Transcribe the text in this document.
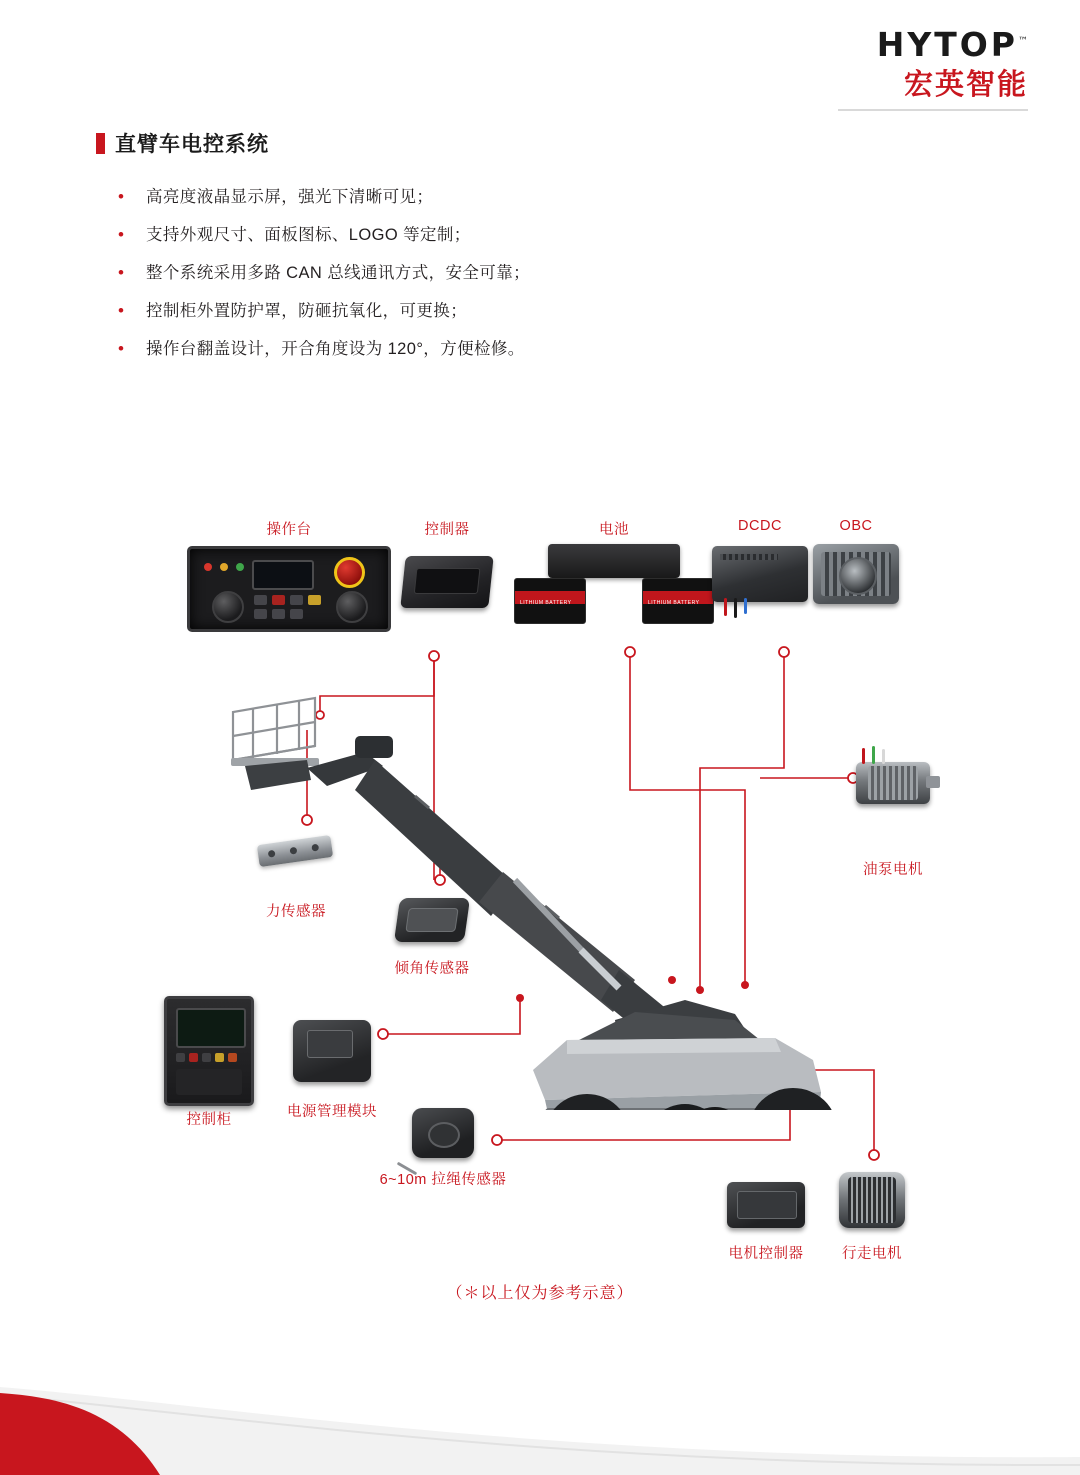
HYTOP™
宏英智能
直臂车电控系统
•	高亮度液晶显示屏，强光下清晰可见；
•	支持外观尺寸、面板图标、LOGO 等定制；
•	整个系统采用多路 CAN 总线通讯方式，安全可靠；
•	控制柜外置防护罩，防砸抗氧化，可更换；
•	操作台翻盖设计，开合角度设为 120°，方便检修。
操作台	控制器	电池	DCDC	OBC
LITHIUM BATTERY	LITHIUM BATTERY
油泵电机
力传感器
倾角传感器
控制柜	电源管理模块
6~10m 拉绳传感器
电机控制器	行走电机
（＊以上仅为参考示意）
